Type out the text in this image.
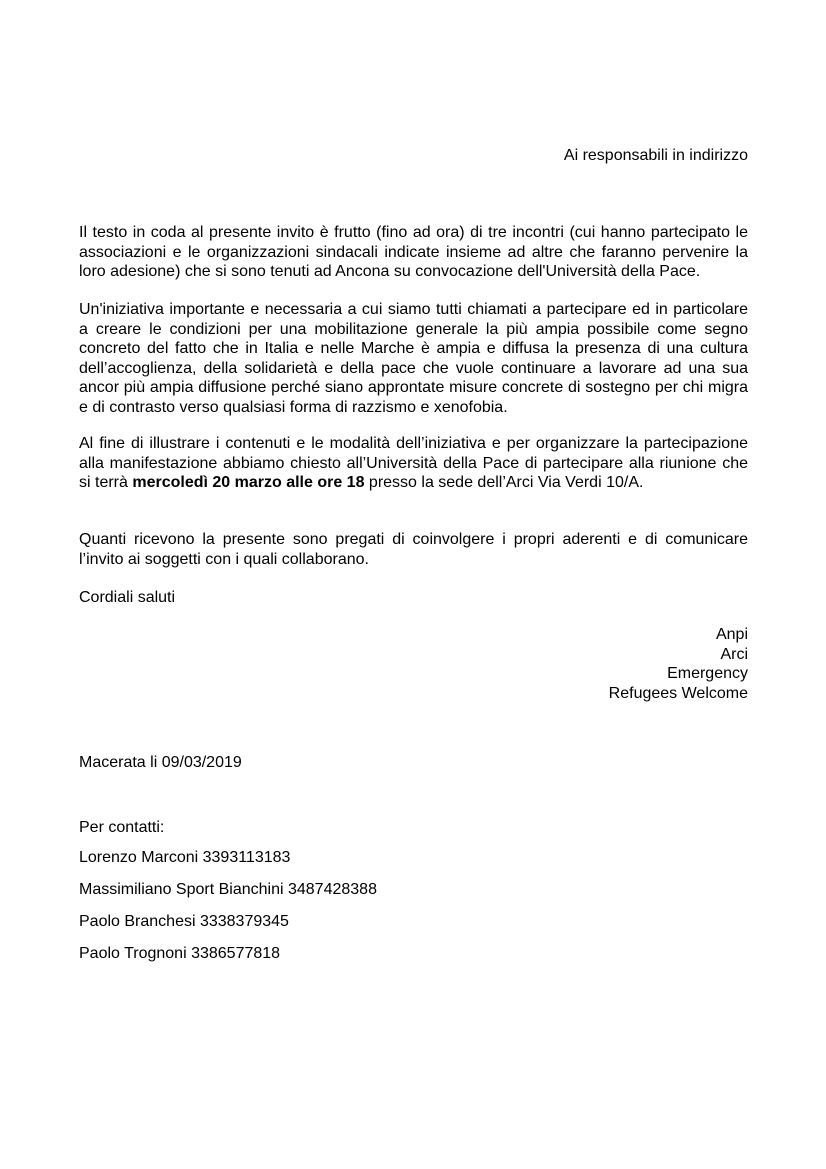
Ai responsabili in indirizzo

Il testo in coda al presente invito è frutto (fino ad ora) di tre incontri (cui hanno partecipato le associazioni e le organizzazioni sindacali indicate insieme ad altre che faranno pervenire la loro adesione) che si sono tenuti ad Ancona su convocazione dell'Università della Pace.

Un'iniziativa importante e necessaria a cui siamo tutti chiamati a partecipare ed in particolare a creare le condizioni per una mobilitazione generale la più ampia possibile come segno concreto del fatto che in Italia e nelle Marche è ampia e diffusa la presenza di una cultura dell’accoglienza, della solidarietà e della pace che vuole continuare a lavorare ad una sua ancor più ampia diffusione perché siano approntate misure concrete di sostegno per chi migra e di contrasto verso qualsiasi forma di razzismo e xenofobia.

Al fine di illustrare i contenuti e le modalità dell’iniziativa e per organizzare la partecipazione alla manifestazione abbiamo chiesto all’Università della Pace di partecipare alla riunione che si terrà mercoledì 20 marzo alle ore 18 presso la sede dell’Arci Via Verdi 10/A.

Quanti ricevono la presente sono pregati di coinvolgere i propri aderenti e di comunicare l’invito ai soggetti con i quali collaborano.

Cordiali saluti

Anpi
Arci
Emergency
Refugees Welcome

Macerata li 09/03/2019

Per contatti:

Lorenzo Marconi 3393113183

Massimiliano Sport Bianchini 3487428388

Paolo Branchesi 3338379345

Paolo Trognoni 3386577818
